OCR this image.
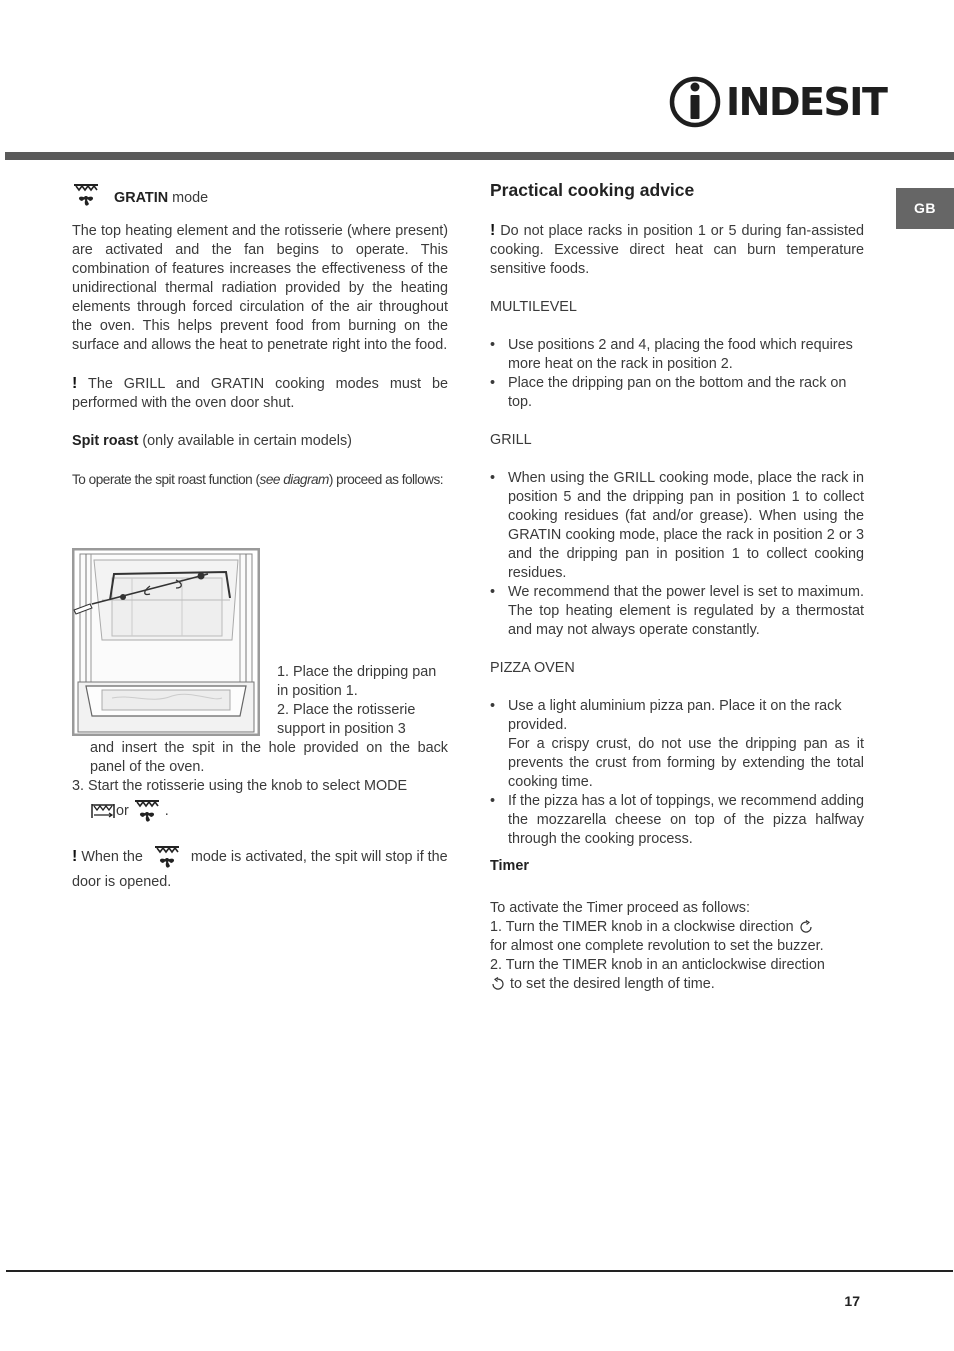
INDESIT
GB

GRATIN mode

The top heating element and the rotisserie (where present) are activated and the fan begins to operate. This combination of features increases the effectiveness of the unidirectional thermal radiation provided by the heating elements through forced circulation of the air throughout the oven. This helps prevent food from burning on the surface and allows the heat to penetrate right into the food.

! The GRILL and GRATIN cooking modes must be performed with the oven door shut.

Spit roast (only available in certain models)

To operate the spit roast function (see diagram) proceed as follows:

1. Place the dripping pan in position 1.

2. Place the rotisserie support in position 3

and insert the spit in the hole provided on the back panel of the oven.

3. Start the rotisserie using the knob to select MODE

or	.

! When the	mode is activated, the spit will stop if the door is opened.

Practical cooking advice

! Do not place racks in position 1 or 5 during fan-assisted cooking. Excessive direct heat can burn temperature sensitive foods.

MULTILEVEL

• Use positions 2 and 4, placing the food which requires more heat on the rack in position 2.
• Place the dripping pan on the bottom and the rack on top.

GRILL

• When using the GRILL cooking mode, place the rack in position 5 and the dripping pan in position 1 to collect cooking residues (fat and/or grease). When using the GRATIN cooking mode, place the rack in position 2 or 3 and the dripping pan in position 1 to collect cooking residues.
• We recommend that the power level is set to maximum. The top heating element is regulated by a thermostat and may not always operate constantly.

PIZZA OVEN

• Use a light aluminium pizza pan. Place it on the rack provided.
For a crispy crust, do not use the dripping pan as it prevents the crust from forming by extending the total cooking time.
• If the pizza has a lot of toppings, we recommend adding the mozzarella cheese on top of the pizza halfway through the cooking process.

Timer

To activate the Timer proceed as follows:

1. Turn the TIMER knob in a clockwise direction
for almost one complete revolution to set the buzzer.

2. Turn the TIMER knob in an anticlockwise direction
to set the desired length of time.

17
